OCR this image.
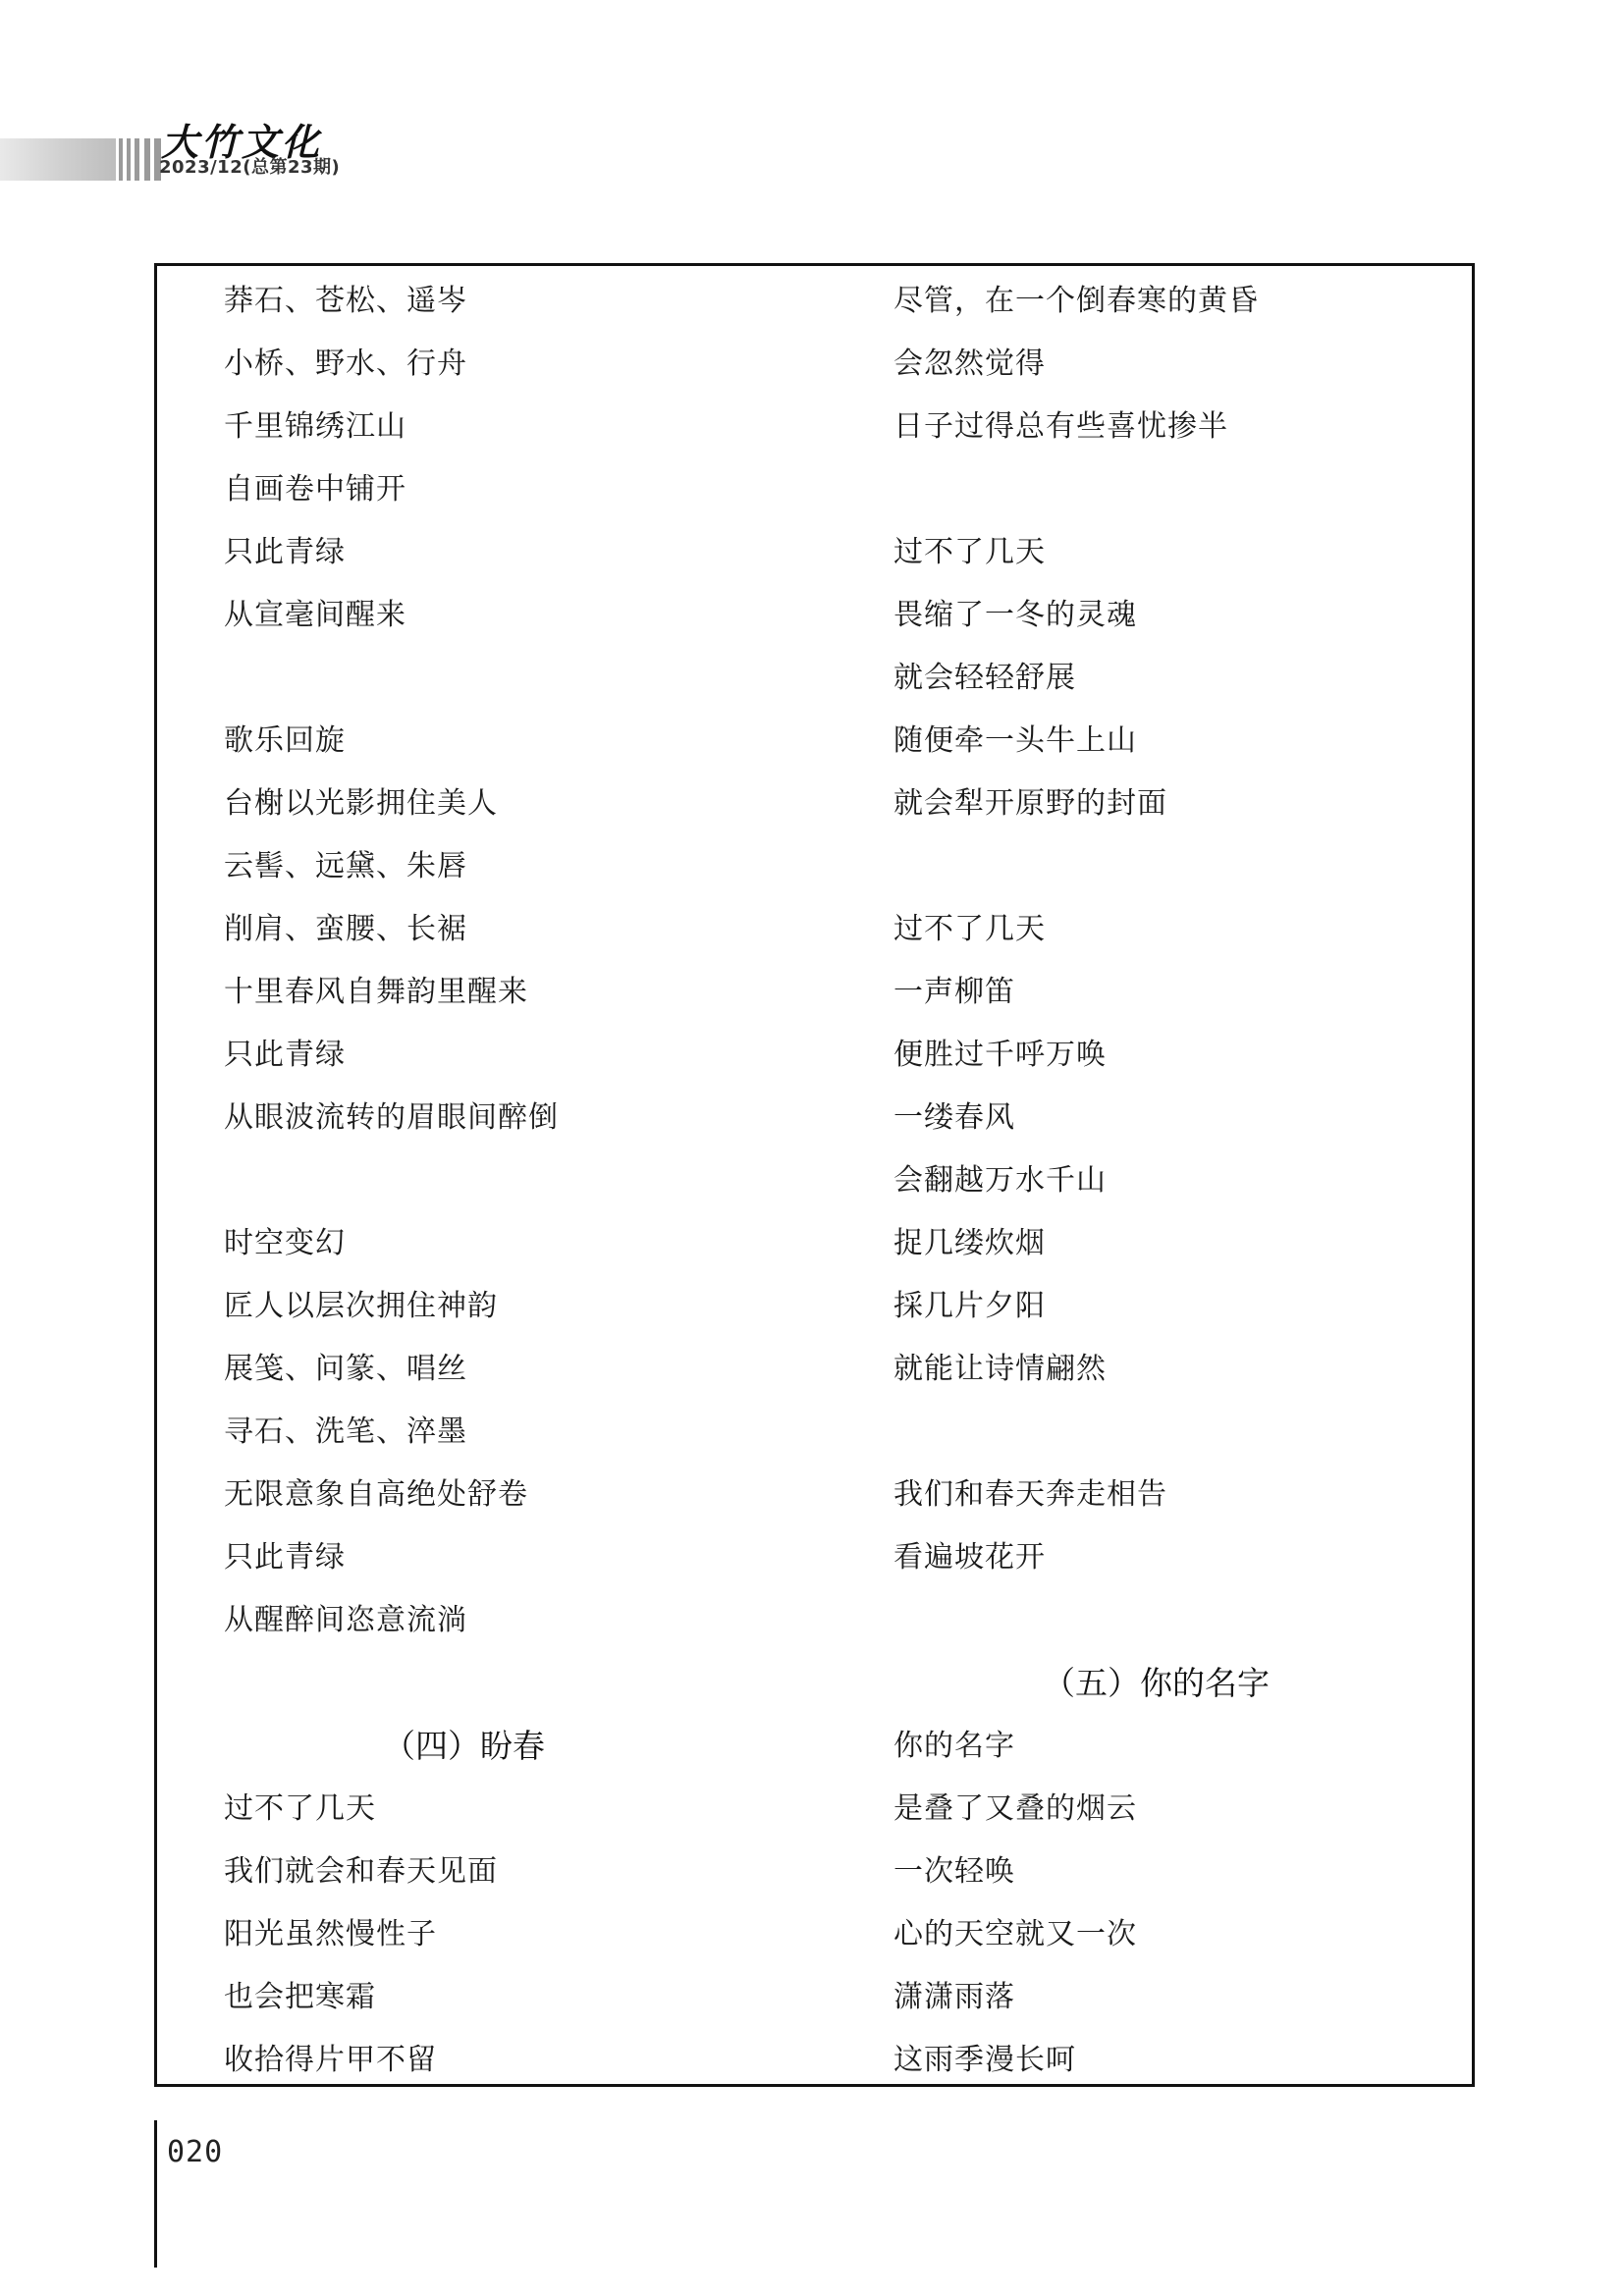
大竹文化
2023/12(总第23期)
莽石、苍松、遥岑
小桥、野水、行舟
千里锦绣江山
自画卷中铺开
只此青绿
从宣毫间醒来
歌乐回旋
台榭以光影拥住美人
云髻、远黛、朱唇
削肩、蛮腰、长裾
十里春风自舞韵里醒来
只此青绿
从眼波流转的眉眼间醉倒
时空变幻
匠人以层次拥住神韵
展笺、问篆、唱丝
寻石、洗笔、淬墨
无限意象自高绝处舒卷
只此青绿
从醒醉间恣意流淌
（四）盼春
过不了几天
我们就会和春天见面
阳光虽然慢性子
也会把寒霜
收拾得片甲不留
尽管，在一个倒春寒的黄昏
会忽然觉得
日子过得总有些喜忧掺半
过不了几天
畏缩了一冬的灵魂
就会轻轻舒展
随便牵一头牛上山
就会犁开原野的封面
过不了几天
一声柳笛
便胜过千呼万唤
一缕春风
会翻越万水千山
捉几缕炊烟
採几片夕阳
就能让诗情翩然
我们和春天奔走相告
看遍坡花开
（五）你的名字
你的名字
是叠了又叠的烟云
一次轻唤
心的天空就又一次
潇潇雨落
这雨季漫长呵
020
